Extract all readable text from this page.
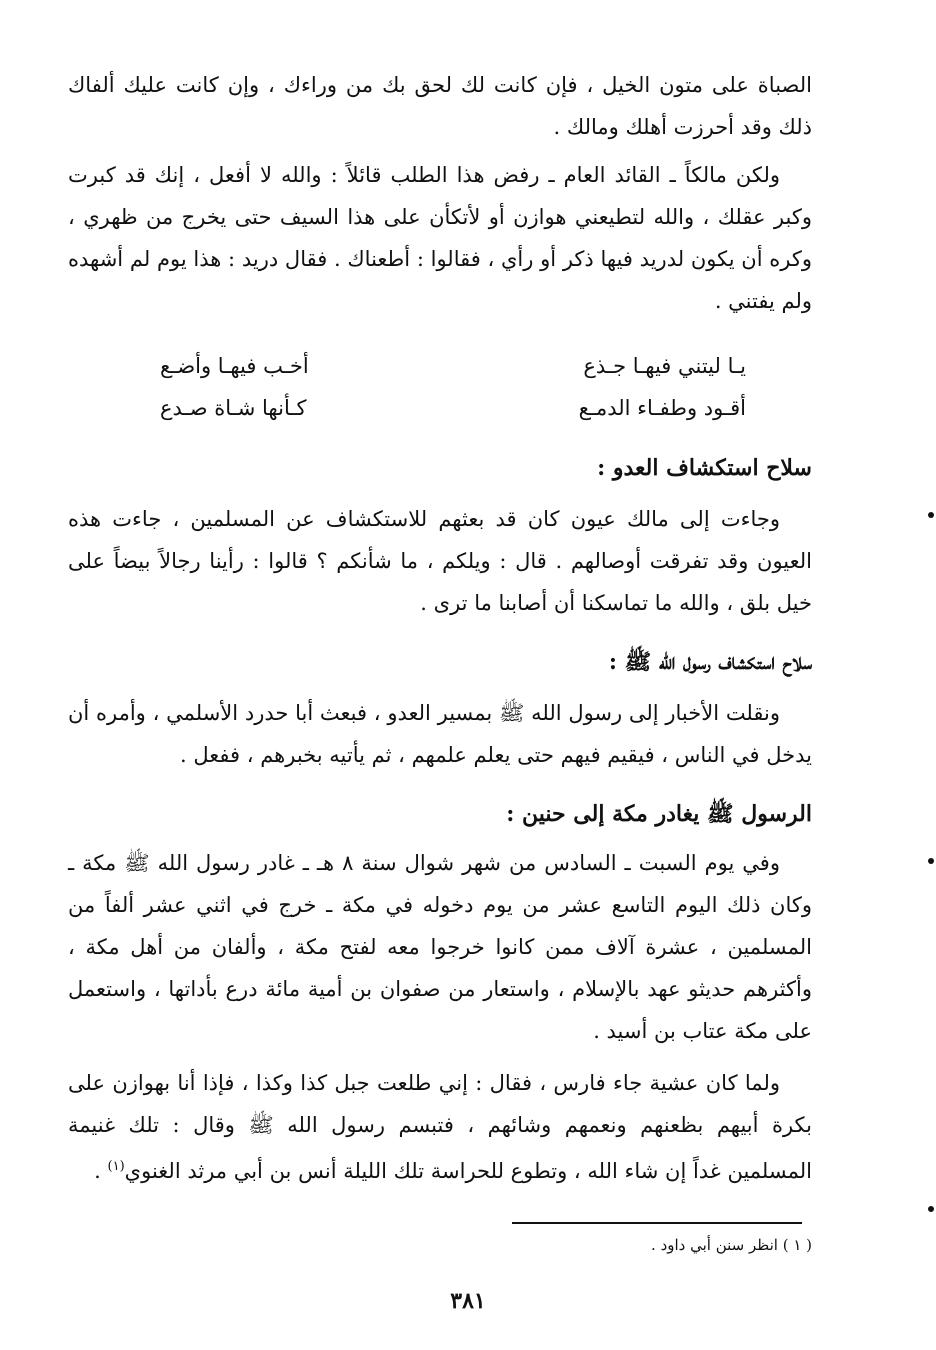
الصباة على متون الخيل ، فإن كانت لك لحق بك من وراءك ، وإن كانت عليك ألفاك ذلك وقد أحرزت أهلك ومالك .

ولكن مالكاً ـ القائد العام ـ رفض هذا الطلب قائلاً : والله لا أفعل ، إنك قد كبرت وكبر عقلك ، والله لتطيعني هوازن أو لأتكأن على هذا السيف حتى يخرج من ظهري ، وكره أن يكون لدريد فيها ذكر أو رأي ، فقالوا : أطعناك . فقال دريد : هذا يوم لم أشهده ولم يفتني .

يـا ليتني فيهـا جـذع
أخـب فيهـا وأضـع
أقـود وطفـاء الدمـع
كـأنها شـاة صـدع
سلاح استكشاف العدو :

وجاءت إلى مالك عيون كان قد بعثهم للاستكشاف عن المسلمين ، جاءت هذه العيون وقد تفرقت أوصالهم . قال : ويلكم ، ما شأنكم ؟ قالوا : رأينا رجالاً بيضاً على خيل بلق ، والله ما تماسكنا أن أصابنا ما ترى .

سلاح استكشاف رسول الله ﷺ :

ونقلت الأخبار إلى رسول الله ﷺ بمسير العدو ، فبعث أبا حدرد الأسلمي ، وأمره أن يدخل في الناس ، فيقيم فيهم حتى يعلم علمهم ، ثم يأتيه بخبرهم ، ففعل .

الرسول ﷺ يغادر مكة إلى حنين :

وفي يوم السبت ـ السادس من شهر شوال سنة ٨ هـ ـ غادر رسول الله ﷺ مكة ـ وكان ذلك اليوم التاسع عشر من يوم دخوله في مكة ـ خرج في اثني عشر ألفاً من المسلمين ، عشرة آلاف ممن كانوا خرجوا معه لفتح مكة ، وألفان من أهل مكة ، وأكثرهم حديثو عهد بالإسلام ، واستعار من صفوان بن أمية مائة درع بأداتها ، واستعمل على مكة عتاب بن أسيد .

ولما كان عشية جاء فارس ، فقال : إني طلعت جبل كذا وكذا ، فإذا أنا بهوازن على بكرة أبيهم بظعنهم ونعمهم وشائهم ، فتبسم رسول الله ﷺ وقال : تلك غنيمة المسلمين غداً إن شاء الله ، وتطوع للحراسة تلك الليلة أنس بن أبي مرثد الغنوي$^{(١)}$ .

( ١ ) انظر سنن أبي داود .
٣٨١
